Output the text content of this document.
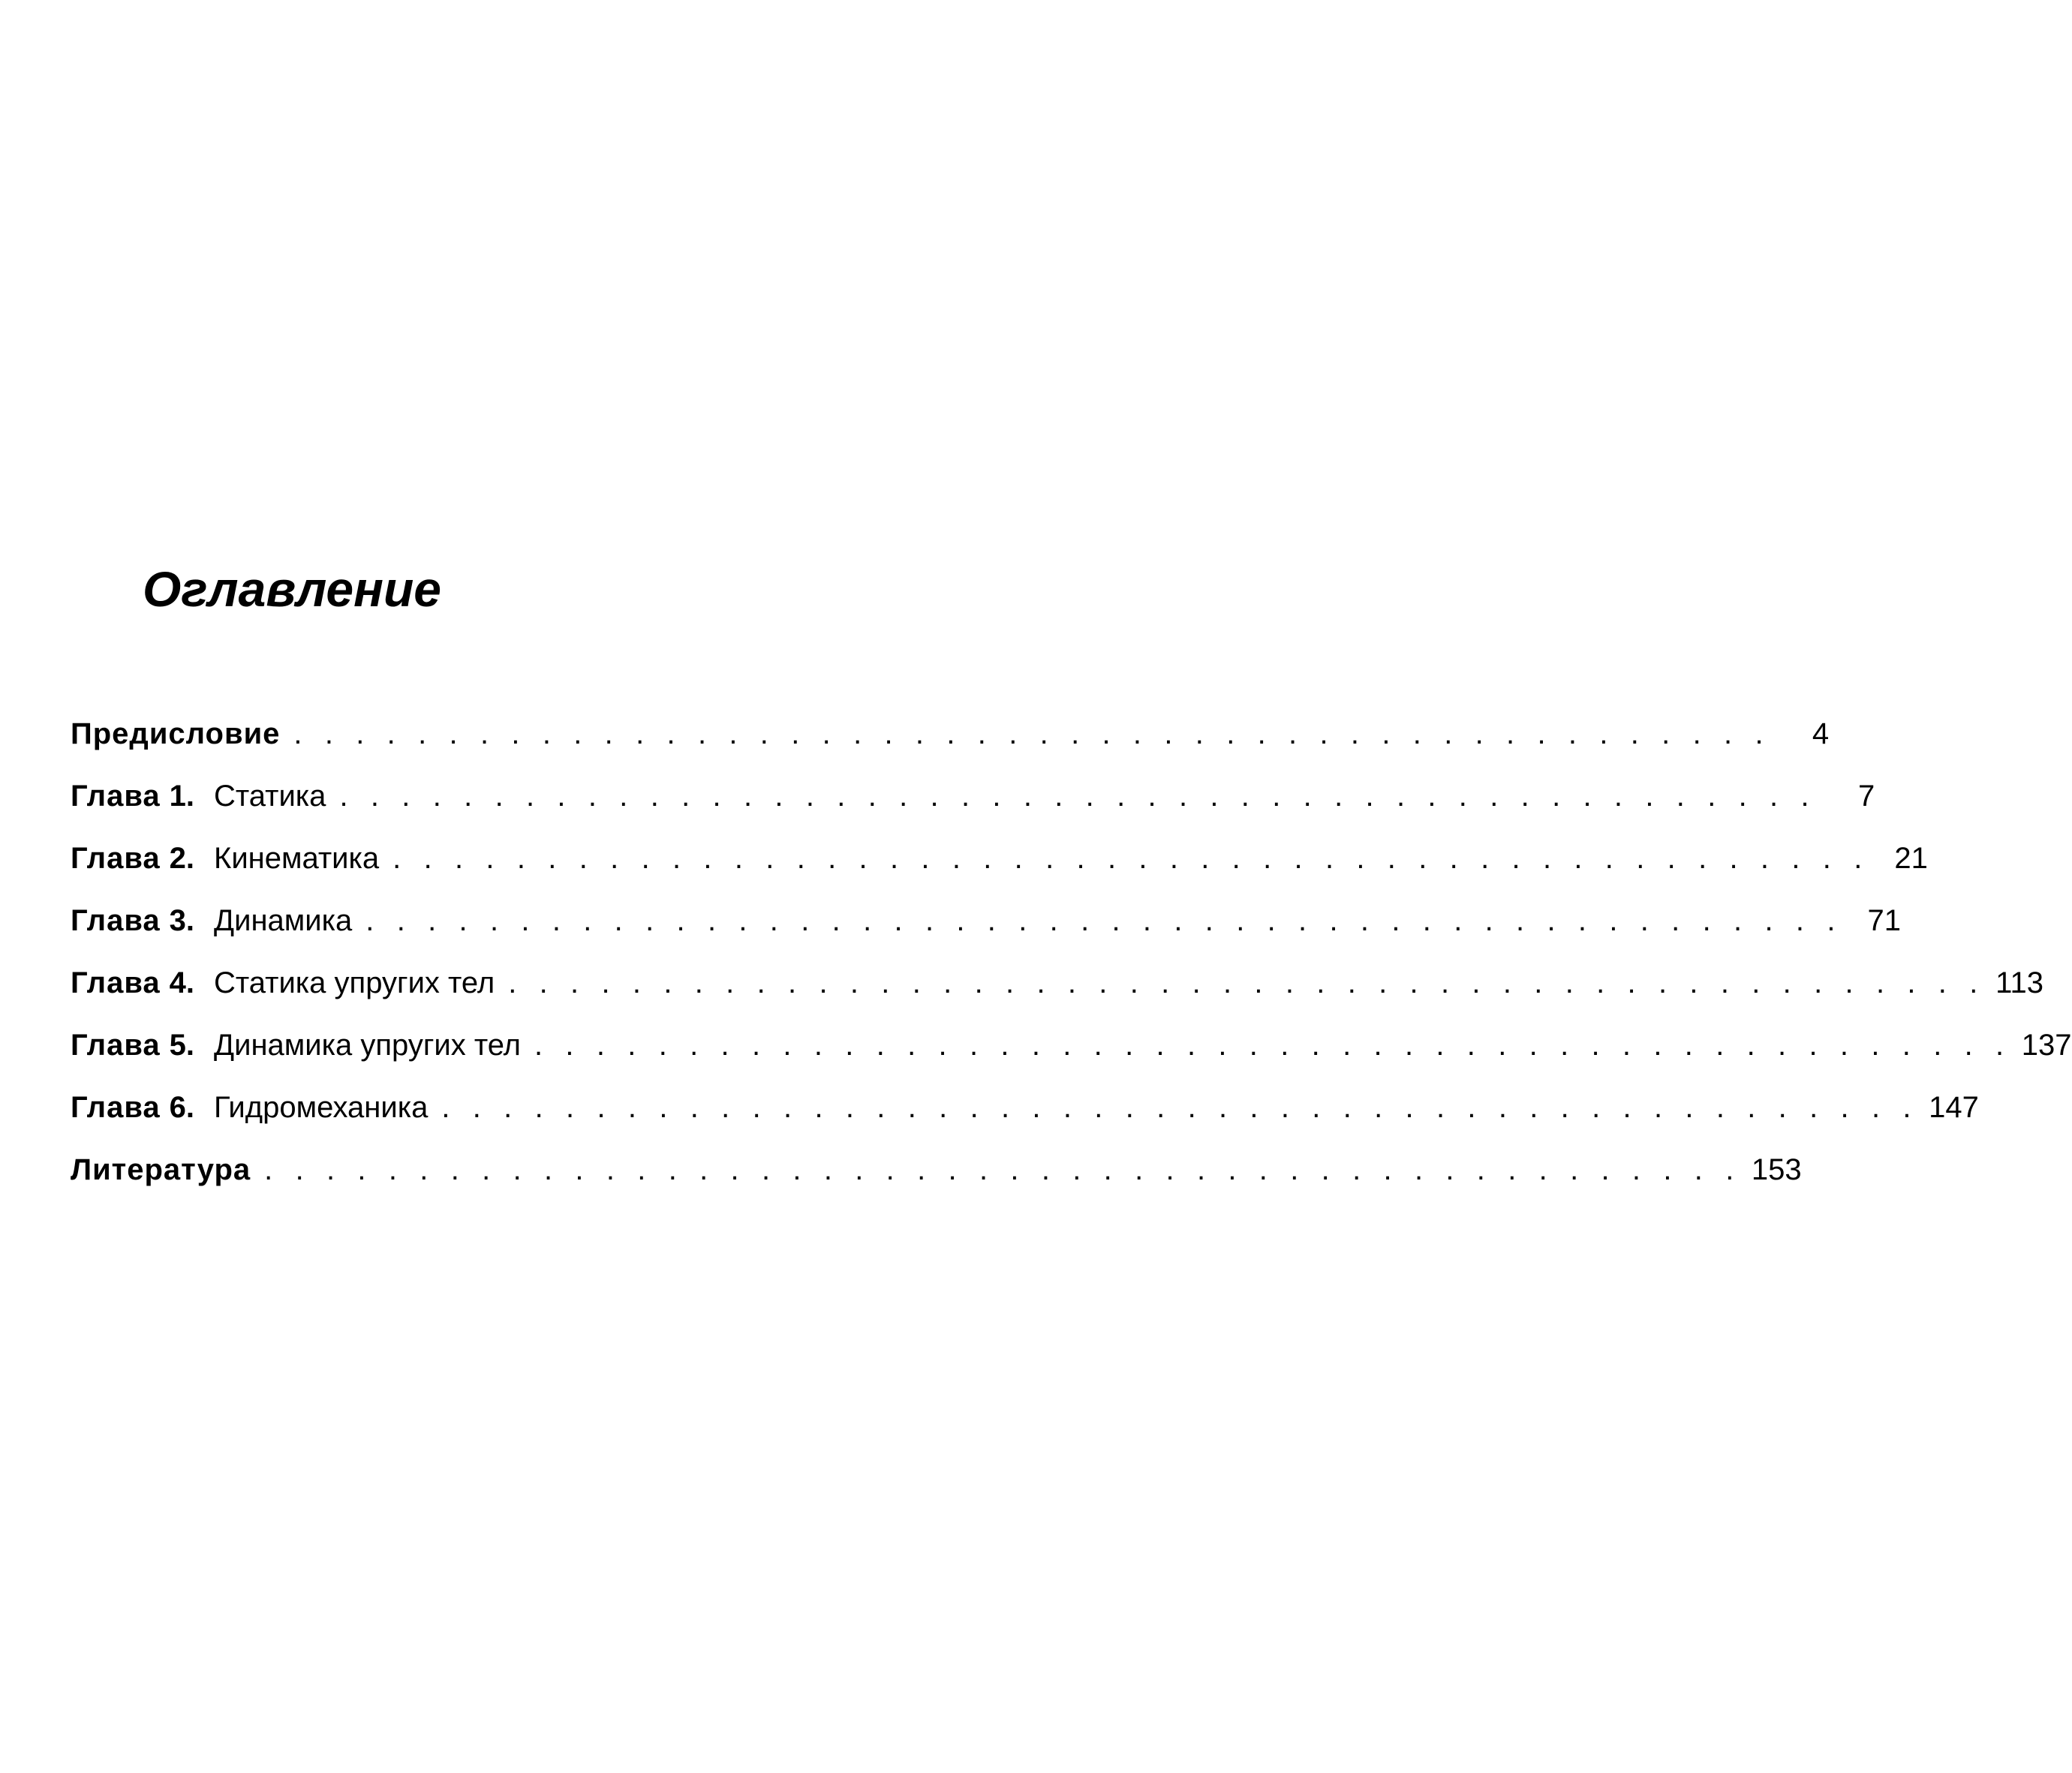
Оглавление
Предисловие . . . . . . . . . . . . . . . . . . . . . . . . . . . . . . . . . . . . . . . . . . . . . . . .	4
Глава 1. Статика . . . . . . . . . . . . . . . . . . . . . . . . . . . . . . . . . . . . . . . . . . . . . . . .	7
Глава 2. Кинематика . . . . . . . . . . . . . . . . . . . . . . . . . . . . . . . . . . . . . . . . . . . . . . . . 21
Глава 3. Динамика . . . . . . . . . . . . . . . . . . . . . . . . . . . . . . . . . . . . . . . . . . . . . . . . 71
Глава 4. Статика упругих тел . . . . . . . . . . . . . . . . . . . . . . . . . . . . . . . . . . . . . . . . . . . . . . . . 113
Глава 5. Динамика упругих тел . . . . . . . . . . . . . . . . . . . . . . . . . . . . . . . . . . . . . . . . . . . . . . . . 137
Глава 6. Гидромеханика . . . . . . . . . . . . . . . . . . . . . . . . . . . . . . . . . . . . . . . . . . . . . . . . 147
Литература . . . . . . . . . . . . . . . . . . . . . . . . . . . . . . . . . . . . . . . . . . . . . . . . 153
